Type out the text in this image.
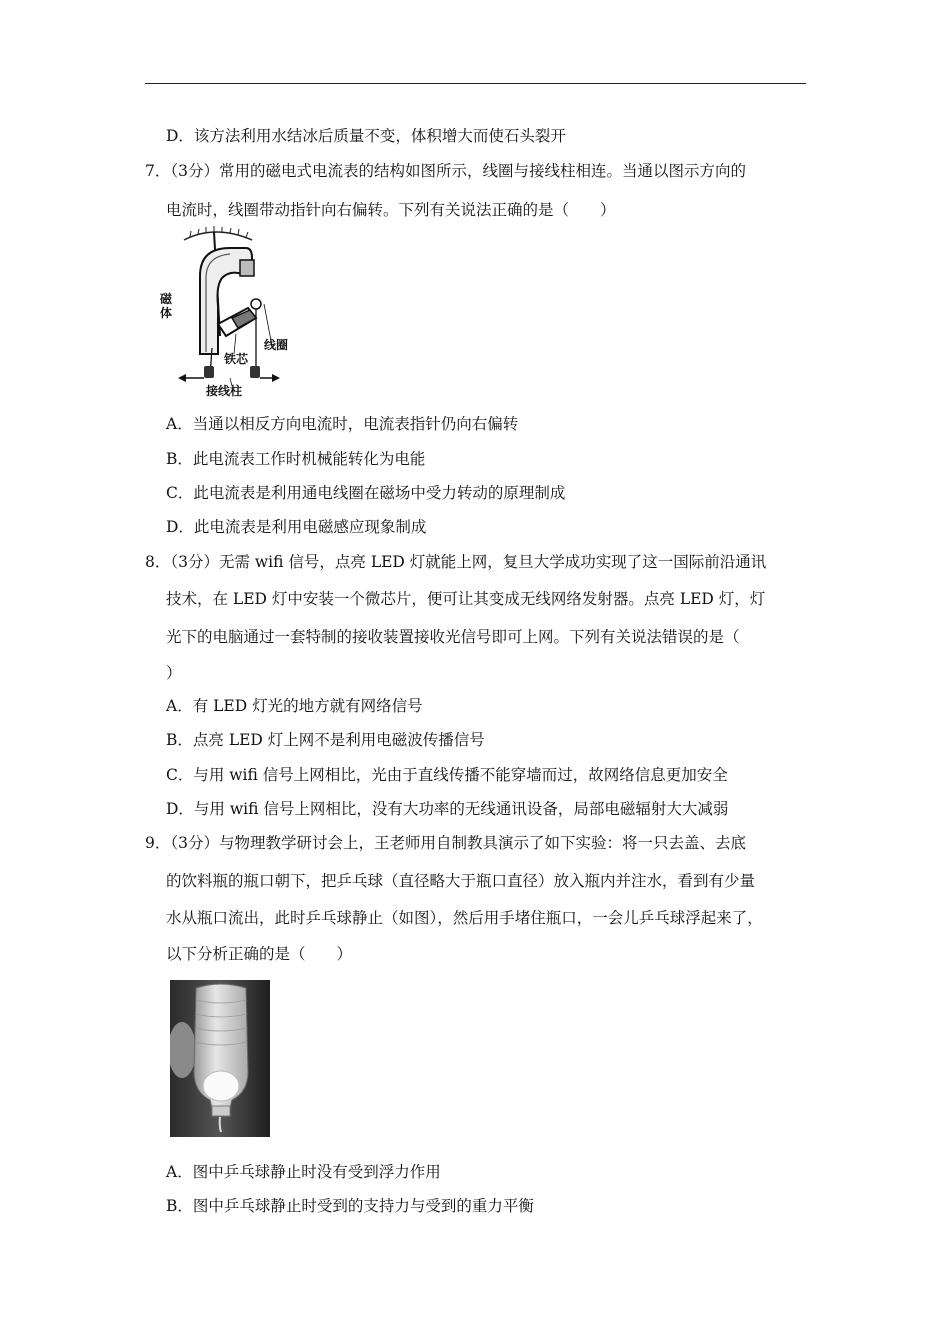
D．该方法利用水结冰后质量不变，体积增大而使石头裂开
7．（3分）常用的磁电式电流表的结构如图所示，线圈与接线柱相连。当通以图示方向的
电流时，线圈带动指针向右偏转。下列有关说法正确的是（　　）
磁
体
线圈
铁芯
接线柱
A．当通以相反方向电流时，电流表指针仍向右偏转
B．此电流表工作时机械能转化为电能
C．此电流表是利用通电线圈在磁场中受力转动的原理制成
D．此电流表是利用电磁感应现象制成
8．（3分）无需 wifi 信号，点亮 LED 灯就能上网，复旦大学成功实现了这一国际前沿通讯
技术，在 LED 灯中安装一个微芯片，便可让其变成无线网络发射器。点亮 LED 灯，灯
光下的电脑通过一套特制的接收装置接收光信号即可上网。下列有关说法错误的是（
）
A．有 LED 灯光的地方就有网络信号
B．点亮 LED 灯上网不是利用电磁波传播信号
C．与用 wifi 信号上网相比，光由于直线传播不能穿墙而过，故网络信息更加安全
D．与用 wifi 信号上网相比，没有大功率的无线通讯设备，局部电磁辐射大大减弱
9．（3分）与物理教学研讨会上，王老师用自制教具演示了如下实验：将一只去盖、去底
的饮料瓶的瓶口朝下，把乒乓球（直径略大于瓶口直径）放入瓶内并注水，看到有少量
水从瓶口流出，此时乒乓球静止（如图），然后用手堵住瓶口，一会儿乒乓球浮起来了，
以下分析正确的是（　　）
A．图中乒乓球静止时没有受到浮力作用
B．图中乒乓球静止时受到的支持力与受到的重力平衡
